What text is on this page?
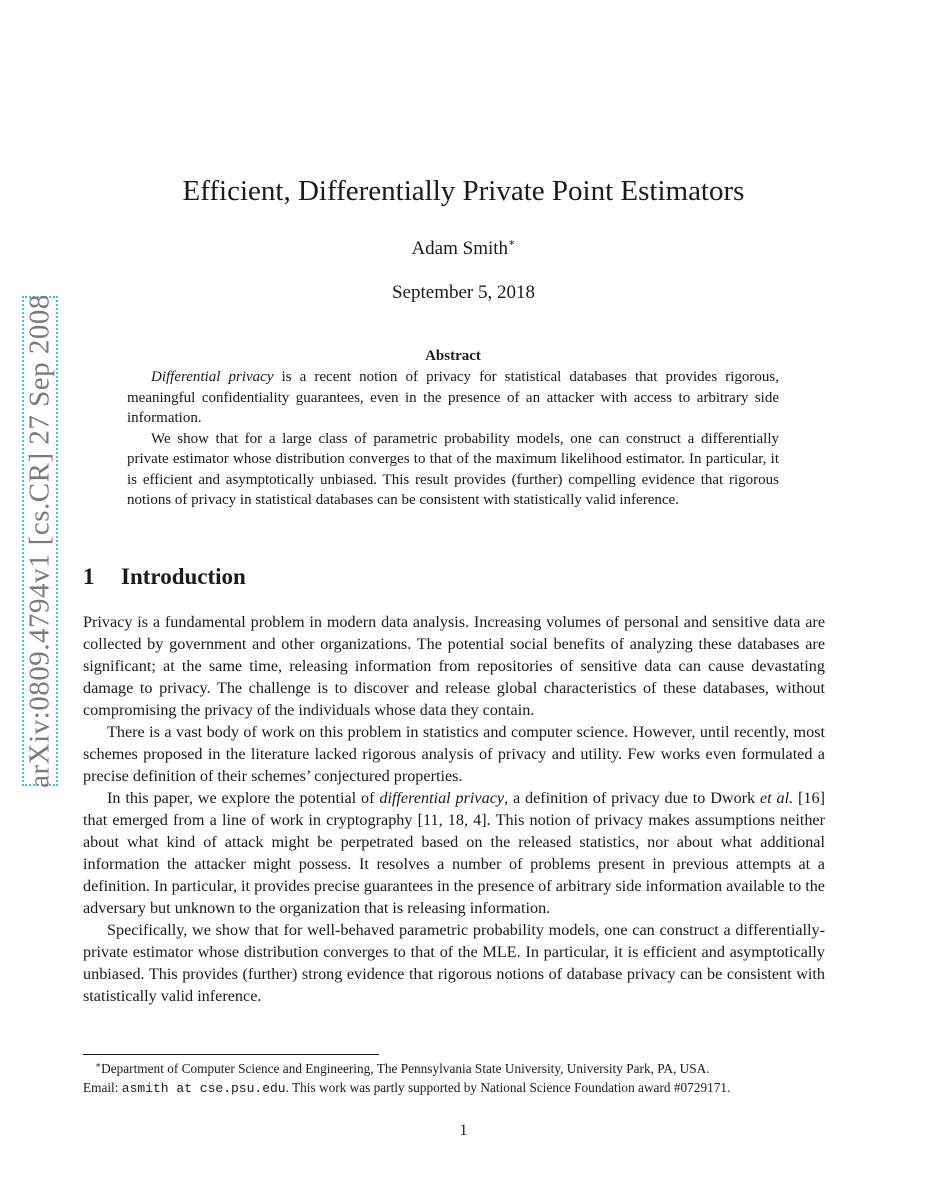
arXiv:0809.4794v1 [cs.CR] 27 Sep 2008
Efficient, Differentially Private Point Estimators
Adam Smith∗
September 5, 2018
Abstract

Differential privacy is a recent notion of privacy for statistical databases that provides rigorous, meaningful confidentiality guarantees, even in the presence of an attacker with access to arbitrary side information.

We show that for a large class of parametric probability models, one can construct a differentially private estimator whose distribution converges to that of the maximum likelihood estimator. In particular, it is efficient and asymptotically unbiased. This result provides (further) compelling evidence that rigorous notions of privacy in statistical databases can be consistent with statistically valid inference.

1 Introduction

Privacy is a fundamental problem in modern data analysis. Increasing volumes of personal and sensitive data are collected by government and other organizations. The potential social benefits of analyzing these databases are significant; at the same time, releasing information from repositories of sensitive data can cause devastating damage to privacy. The challenge is to discover and release global characteristics of these databases, without compromising the privacy of the individuals whose data they contain.

There is a vast body of work on this problem in statistics and computer science. However, until recently, most schemes proposed in the literature lacked rigorous analysis of privacy and utility. Few works even formulated a precise definition of their schemes’ conjectured properties.

In this paper, we explore the potential of differential privacy, a definition of privacy due to Dwork et al. [16] that emerged from a line of work in cryptography [11, 18, 4]. This notion of privacy makes assumptions neither about what kind of attack might be perpetrated based on the released statistics, nor about what additional information the attacker might possess. It resolves a number of problems present in previous attempts at a definition. In particular, it provides precise guarantees in the presence of arbitrary side information available to the adversary but unknown to the organization that is releasing information.

Specifically, we show that for well-behaved parametric probability models, one can construct a differentially-private estimator whose distribution converges to that of the MLE. In particular, it is efficient and asymptotically unbiased. This provides (further) strong evidence that rigorous notions of database privacy can be consistent with statistically valid inference.

∗Department of Computer Science and Engineering, The Pennsylvania State University, University Park, PA, USA.

Email: asmith at cse.psu.edu. This work was partly supported by National Science Foundation award #0729171.

1
